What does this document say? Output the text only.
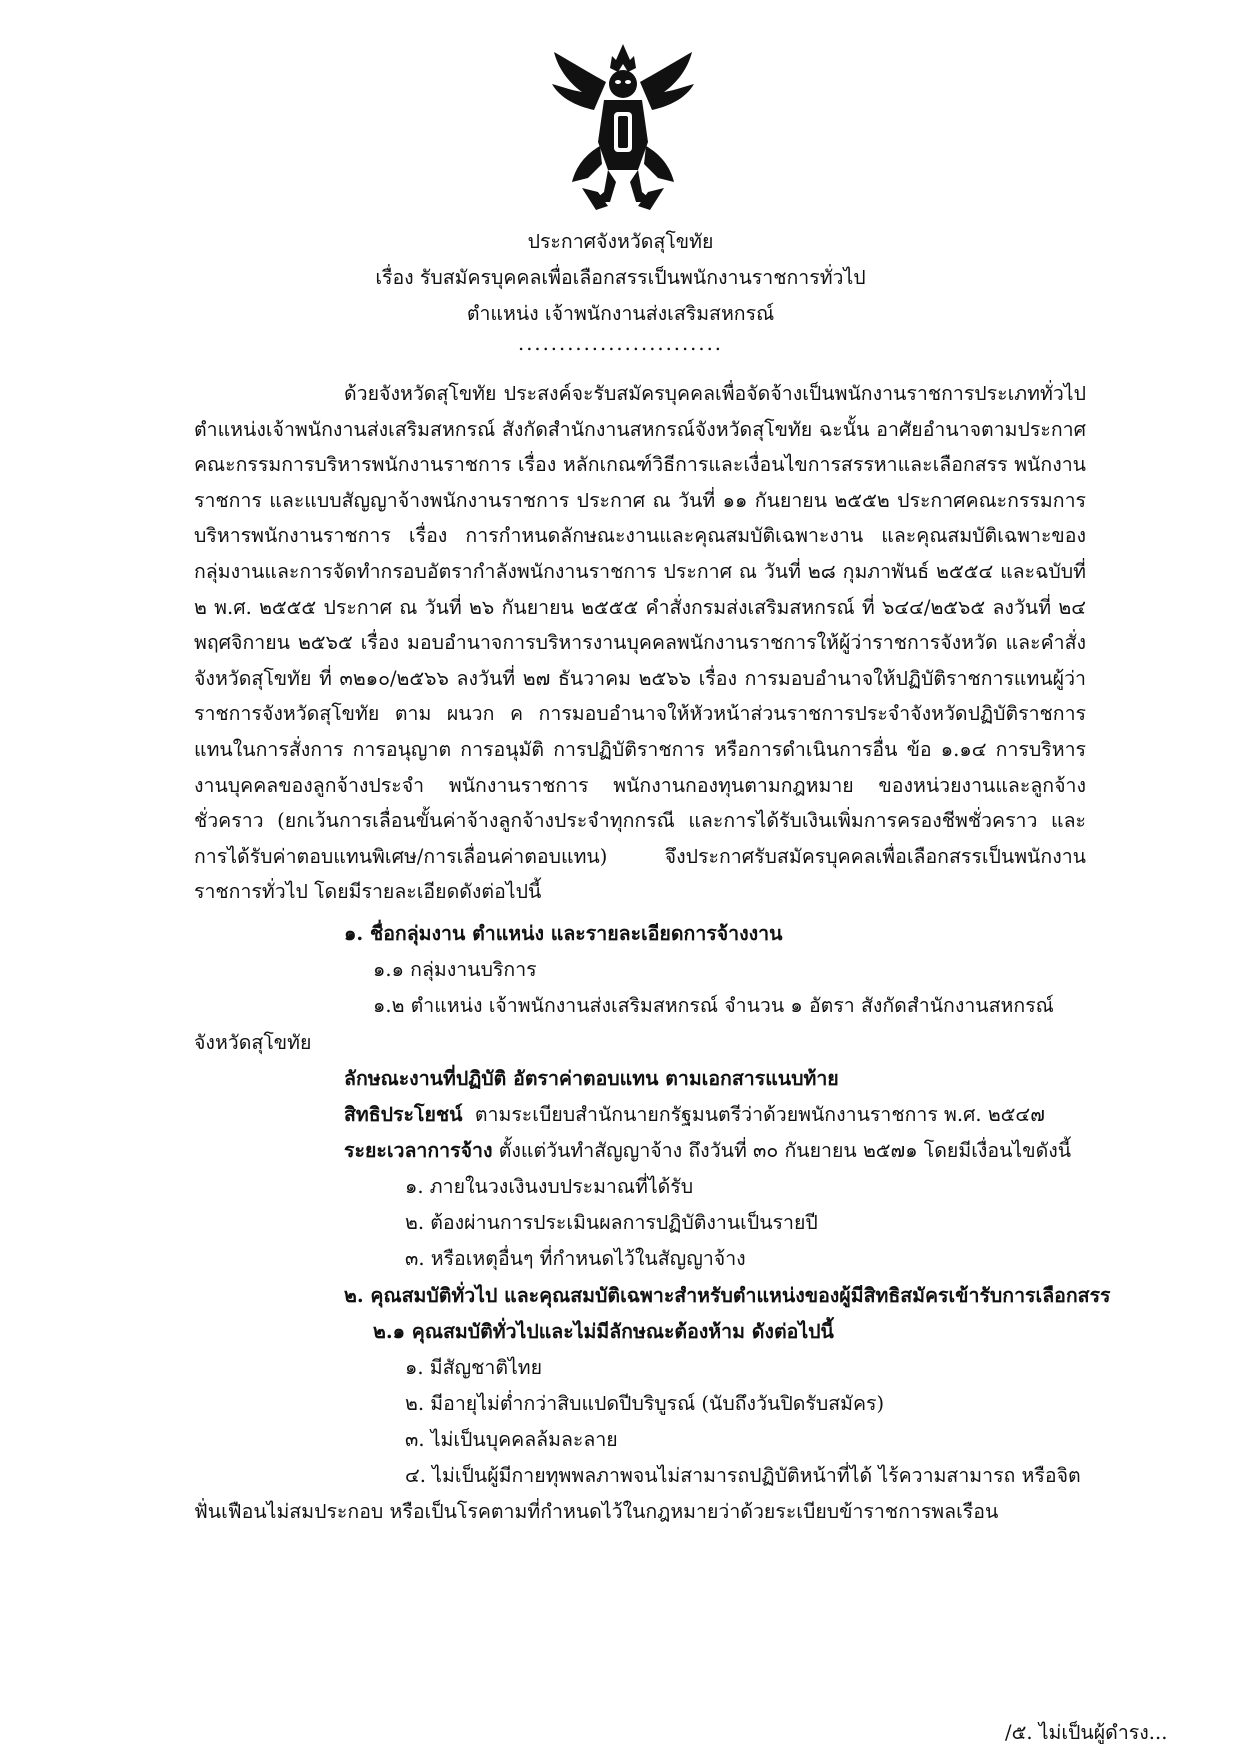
ประกาศจังหวัดสุโขทัย
เรื่อง รับสมัครบุคคลเพื่อเลือกสรรเป็นพนักงานราชการทั่วไป
ตำแหน่ง เจ้าพนักงานส่งเสริมสหกรณ์
.........................

ด้วยจังหวัดสุโขทัย ประสงค์จะรับสมัครบุคคลเพื่อจัดจ้างเป็นพนักงานราชการประเภททั่วไป ตำแหน่งเจ้าพนักงานส่งเสริมสหกรณ์ สังกัดสำนักงานสหกรณ์จังหวัดสุโขทัย ฉะนั้น อาศัยอำนาจตามประกาศคณะกรรมการบริหารพนักงานราชการ เรื่อง หลักเกณฑ์วิธีการและเงื่อนไขการสรรหาและเลือกสรร พนักงานราชการ และแบบสัญญาจ้างพนักงานราชการ ประกาศ ณ วันที่ ๑๑ กันยายน ๒๕๕๒ ประกาศคณะกรรมการบริหารพนักงานราชการ เรื่อง การกำหนดลักษณะงานและคุณสมบัติเฉพาะงาน และคุณสมบัติเฉพาะของกลุ่มงานและการจัดทำกรอบอัตรากำลังพนักงานราชการ ประกาศ ณ วันที่ ๒๘ กุมภาพันธ์ ๒๕๕๔ และฉบับที่ ๒ พ.ศ. ๒๕๕๕ ประกาศ ณ วันที่ ๒๖ กันยายน ๒๕๕๕ คำสั่งกรมส่งเสริมสหกรณ์ ที่ ๖๔๔/๒๕๖๕ ลงวันที่ ๒๔ พฤศจิกายน ๒๕๖๕ เรื่อง มอบอำนาจการบริหารงานบุคคลพนักงานราชการให้ผู้ว่าราชการจังหวัด และคำสั่งจังหวัดสุโขทัย ที่ ๓๒๑๐/๒๕๖๖ ลงวันที่ ๒๗ ธันวาคม ๒๕๖๖ เรื่อง การมอบอำนาจให้ปฏิบัติราชการแทนผู้ว่าราชการจังหวัดสุโขทัย ตาม ผนวก ค การมอบอำนาจให้หัวหน้าส่วนราชการประจำจังหวัดปฏิบัติราชการแทนในการสั่งการ การอนุญาต การอนุมัติ การปฏิบัติราชการ หรือการดำเนินการอื่น ข้อ ๑.๑๔ การบริหารงานบุคคลของลูกจ้างประจำ พนักงานราชการ พนักงานกองทุนตามกฎหมาย ของหน่วยงานและลูกจ้างชั่วคราว (ยกเว้นการเลื่อนขั้นค่าจ้างลูกจ้างประจำทุกกรณี และการได้รับเงินเพิ่มการครองชีพชั่วคราว และการได้รับค่าตอบแทนพิเศษ/การเลื่อนค่าตอบแทน) จึงประกาศรับสมัครบุคคลเพื่อเลือกสรรเป็นพนักงานราชการทั่วไป โดยมีรายละเอียดดังต่อไปนี้

๑. ชื่อกลุ่มงาน ตำแหน่ง และรายละเอียดการจ้างงาน
๑.๑ กลุ่มงานบริการ
๑.๒ ตำแหน่ง เจ้าพนักงานส่งเสริมสหกรณ์ จำนวน ๑ อัตรา สังกัดสำนักงานสหกรณ์
จังหวัดสุโขทัย
ลักษณะงานที่ปฏิบัติ อัตราค่าตอบแทน ตามเอกสารแนบท้าย
สิทธิประโยชน์ ตามระเบียบสำนักนายกรัฐมนตรีว่าด้วยพนักงานราชการ พ.ศ. ๒๕๔๗
ระยะเวลาการจ้าง ตั้งแต่วันทำสัญญาจ้าง ถึงวันที่ ๓๐ กันยายน ๒๕๗๑ โดยมีเงื่อนไขดังนี้
๑. ภายในวงเงินงบประมาณที่ได้รับ
๒. ต้องผ่านการประเมินผลการปฏิบัติงานเป็นรายปี
๓. หรือเหตุอื่นๆ ที่กำหนดไว้ในสัญญาจ้าง
๒. คุณสมบัติทั่วไป และคุณสมบัติเฉพาะสำหรับตำแหน่งของผู้มีสิทธิสมัครเข้ารับการเลือกสรร
๒.๑ คุณสมบัติทั่วไปและไม่มีลักษณะต้องห้าม ดังต่อไปนี้
๑. มีสัญชาติไทย
๒. มีอายุไม่ต่ำกว่าสิบแปดปีบริบูรณ์ (นับถึงวันปิดรับสมัคร)
๓. ไม่เป็นบุคคลล้มละลาย
๔. ไม่เป็นผู้มีกายทุพพลภาพจนไม่สามารถปฏิบัติหน้าที่ได้ ไร้ความสามารถ หรือจิต
ฟั่นเฟือนไม่สมประกอบ หรือเป็นโรคตามที่กำหนดไว้ในกฎหมายว่าด้วยระเบียบข้าราชการพลเรือน
/๕. ไม่เป็นผู้ดำรง...
